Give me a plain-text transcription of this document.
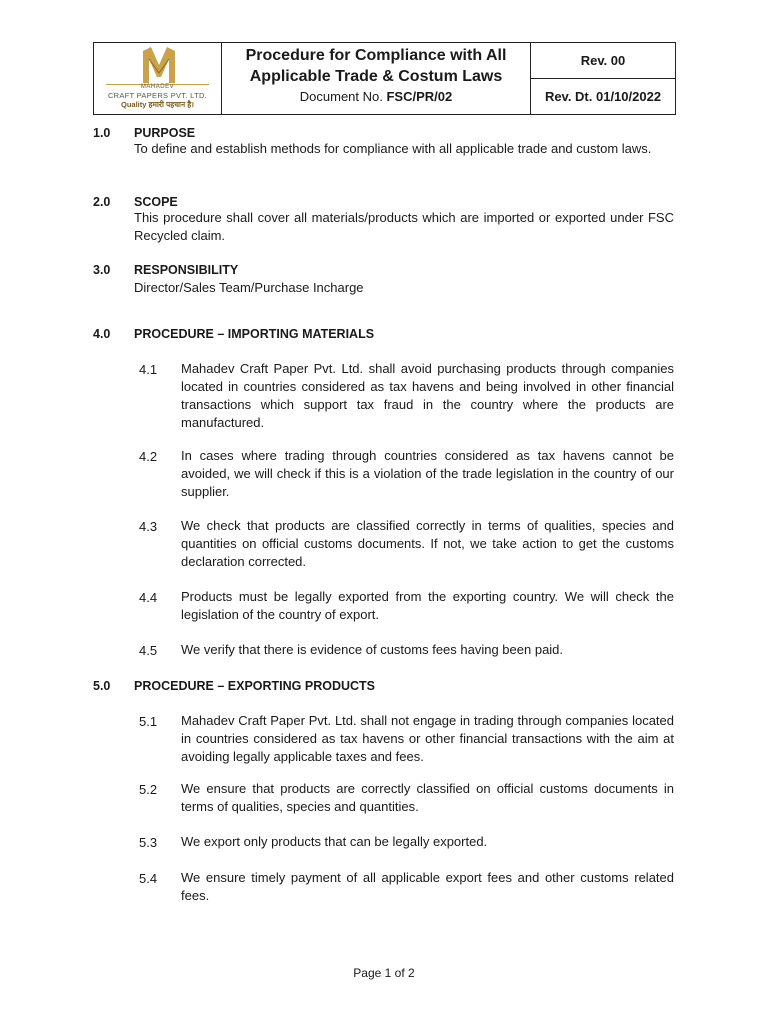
MAHADEV
CRAFT PAPERS PVT. LTD.
Quality हमारी पहचान है।
Procedure for Compliance with All Applicable Trade & Costum Laws
Document No. FSC/PR/02
Rev. 00
Rev. Dt. 01/10/2022
1.0 PURPOSE
To define and establish methods for compliance with all applicable trade and custom laws.
2.0 SCOPE
This procedure shall cover all materials/products which are imported or exported under FSC Recycled claim.
3.0 RESPONSIBILITY
Director/Sales Team/Purchase Incharge
4.0 PROCEDURE – IMPORTING MATERIALS
4.1 Mahadev Craft Paper Pvt. Ltd. shall avoid purchasing products through companies located in countries considered as tax havens and being involved in other financial transactions which support tax fraud in the country where the products are manufactured.
4.2 In cases where trading through countries considered as tax havens cannot be avoided, we will check if this is a violation of the trade legislation in the country of our supplier.
4.3 We check that products are classified correctly in terms of qualities, species and quantities on official customs documents. If not, we take action to get the customs declaration corrected.
4.4 Products must be legally exported from the exporting country. We will check the legislation of the country of export.
4.5 We verify that there is evidence of customs fees having been paid.
5.0 PROCEDURE – EXPORTING PRODUCTS
5.1 Mahadev Craft Paper Pvt. Ltd. shall not engage in trading through companies located in countries considered as tax havens or other financial transactions with the aim at avoiding legally applicable taxes and fees.
5.2 We ensure that products are correctly classified on official customs documents in terms of qualities, species and quantities.
5.3 We export only products that can be legally exported.
5.4 We ensure timely payment of all applicable export fees and other customs related fees.
Page 1 of 2
